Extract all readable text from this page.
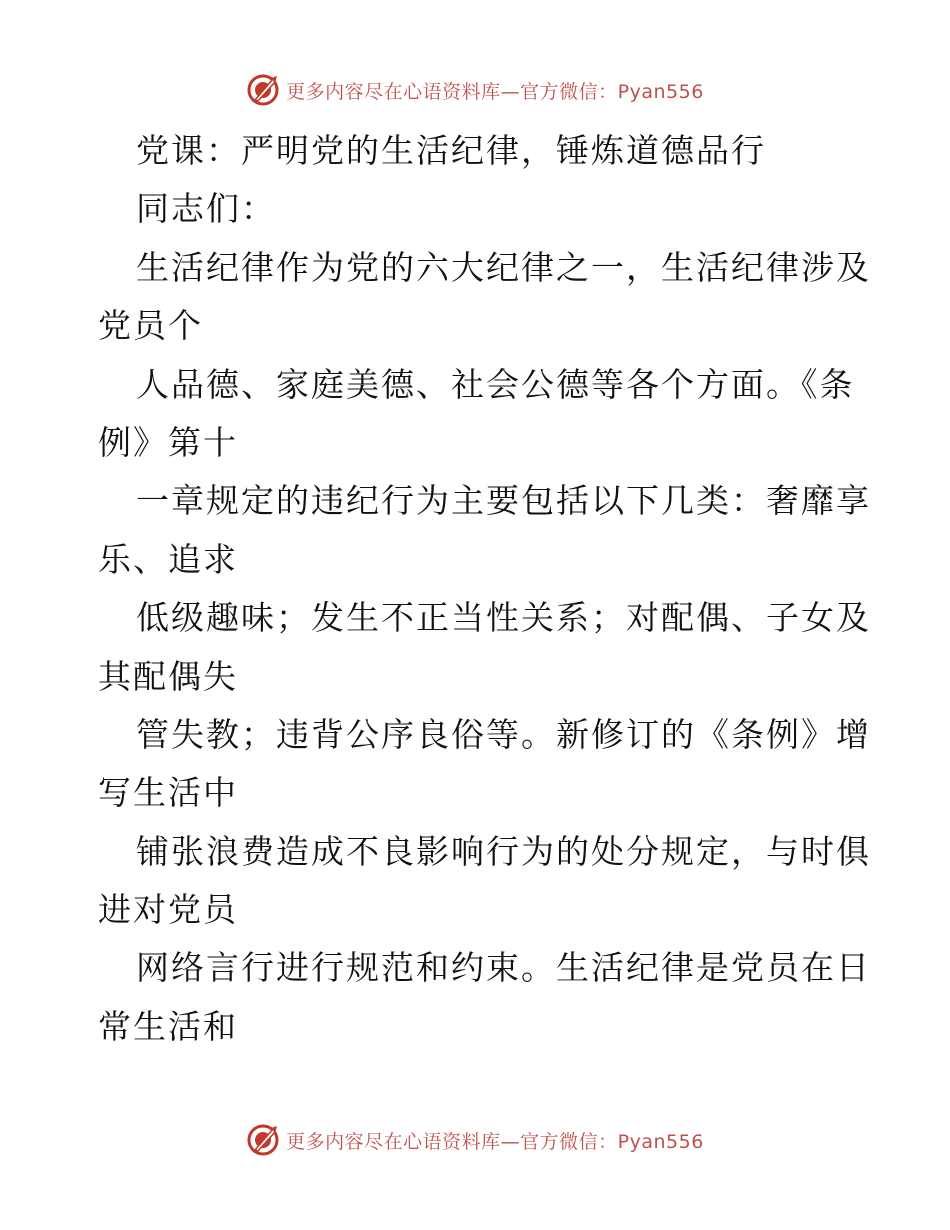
更多内容尽在心语资料库—官方微信：Pyan556
党课：严明党的生活纪律，锤炼道德品行
同志们：
生活纪律作为党的六大纪律之一，生活纪律涉及
党员个
人品德、家庭美德、社会公德等各个方面。《条
例》第十
一章规定的违纪行为主要包括以下几类：奢靡享
乐、追求
低级趣味；发生不正当性关系；对配偶、子女及
其配偶失
管失教；违背公序良俗等。新修订的《条例》增
写生活中
铺张浪费造成不良影响行为的处分规定，与时俱
进对党员
网络言行进行规范和约束。生活纪律是党员在日
常生活和
更多内容尽在心语资料库—官方微信：Pyan556
